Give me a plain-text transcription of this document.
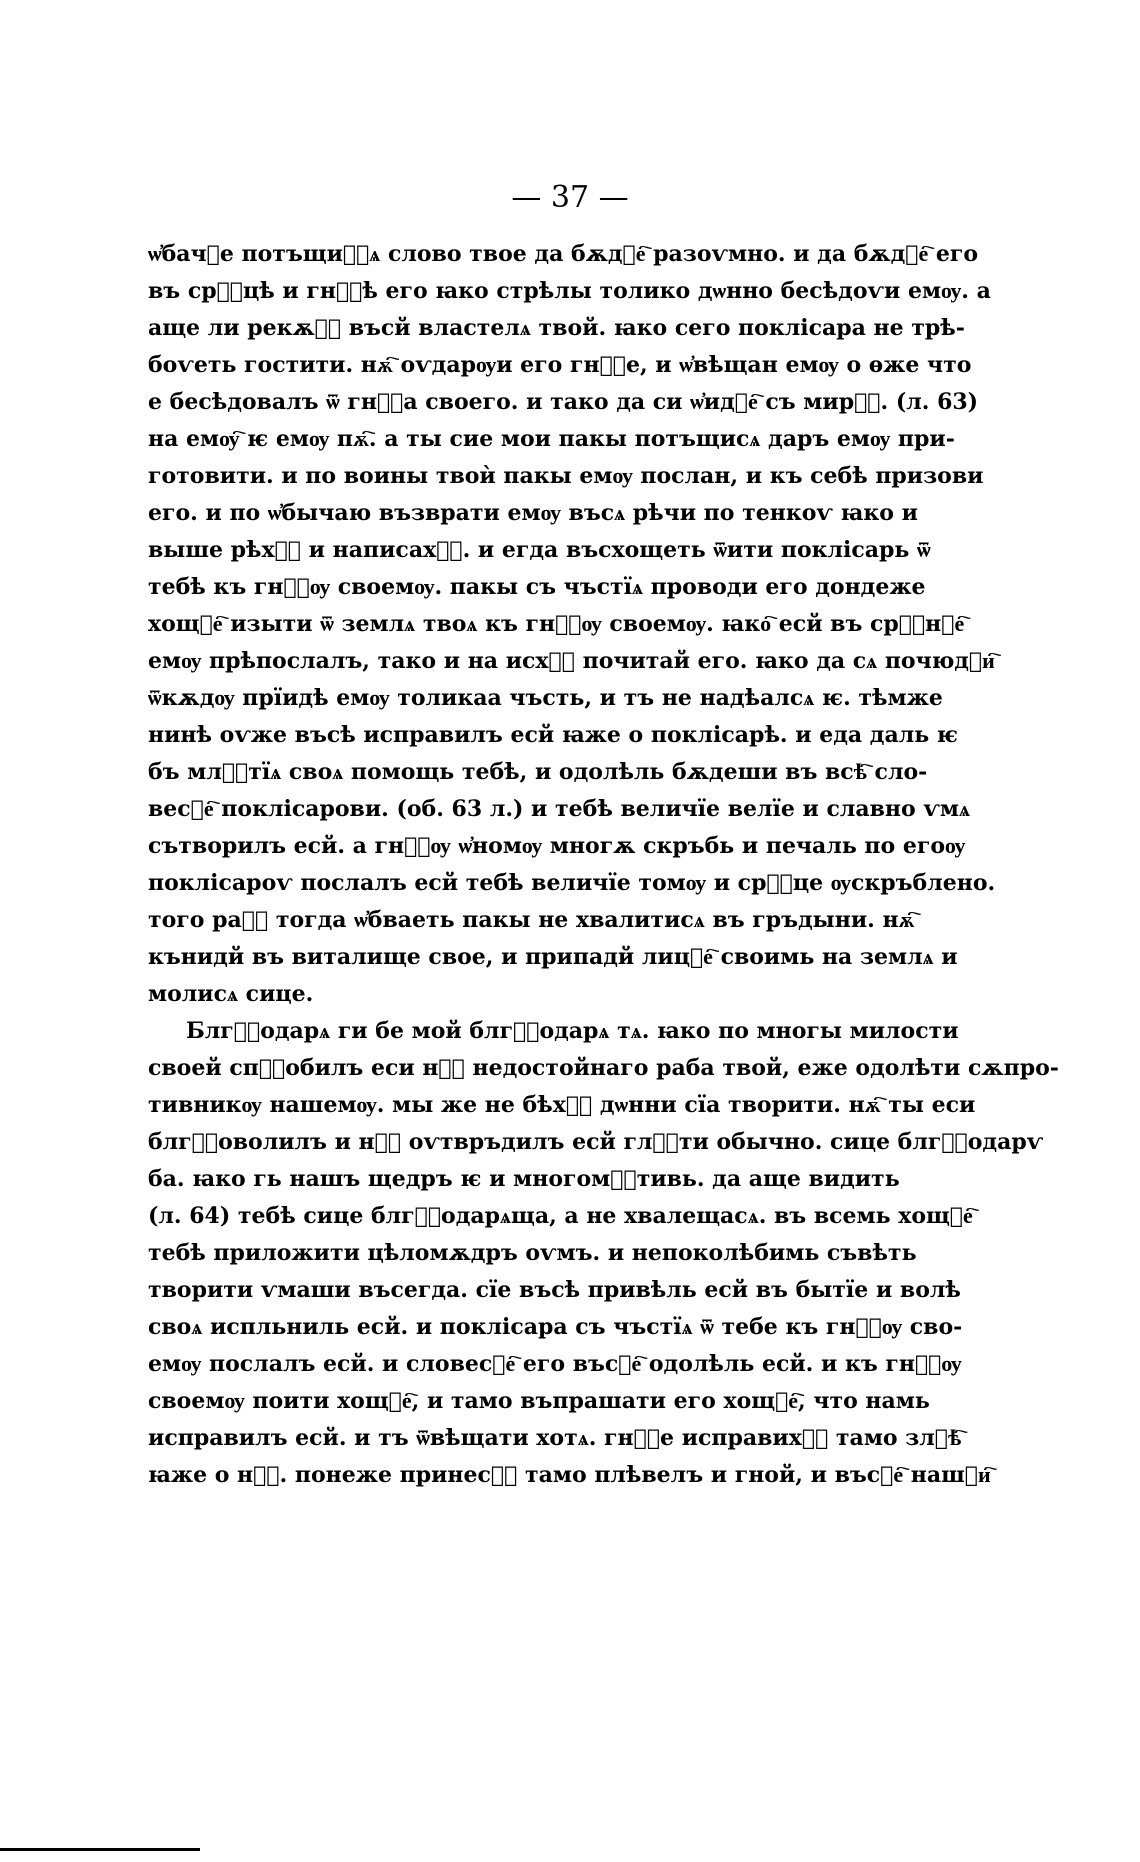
— 37 —
ѡ҆бачⷺе потъщиⷭ҇ѧ слово твое да бѫдⷮе҇ разоѵмно. и да бѫдⷮе҇ его
въ срⷭ҇цѣ и гнⷭ҇ѣ его ꙗко стрѣлы толико дѡнно бесѣдоѵи емѹ. а
аще ли рекѫⷮ҇ въсй властелѧ твой. ꙗко сего поклісара не трѣ-
боѵеть гостити. нѫ҇ оѵдарѹи его гнⷭ҇е, и ѡ҆вѣщан емѹ о ѳже что
е бесѣдовалъ ѿ гнⷭ҇а своего. и тако да си ѡ҆идⷮе҇ съ мирⷪ҇. (л. 63)
на емѹ҇ ѥ емѹ пѫ҇. а ты сие мои пакы потъщисѧ даръ емѹ при-
готовити. и по воины твоѝ пакы емѹ послан, и къ себѣ призови
его. и по ѡ҆бычаю възврати емѹ въсѧ рѣчи по тенкоѵ ꙗко и
выше рѣхⷪ҇ и написахⷪ҇. и егда въсхощеть ѿити поклісарь ѿ
тебѣ къ гнⷭ҇ѹ своемѹ. пакы съ чъстїѧ проводи его дондеже
хощⷮе҇ изыти ѿ землѧ твоѧ къ гнⷭ҇ѹ своемѹ. ꙗко҇ есй въ срⷭ҇нⷮе҇
емѹ прѣпослалъ, тако и на исхⷪ҇ почитай его. ꙗко да сѧ почюдⷮи҇
ѿкѫдѹ прїидѣ емѹ толикаа чъсть, и тъ не надѣалсѧ ѥ. тѣмже
нинѣ оѵже въсѣ исправилъ есй ꙗже о поклісарѣ. и еда даль ѥ
бъ млⷭ҇тїѧ своѧ помощь тебѣ, и одолѣль бѫдеши въ всѣ҇ сло-
весⷮе҇ поклісарови. (об. 63 л.) и тебѣ величїе велїе и славно ѵмѧ
сътворилъ есй. а гнⷭ҇ѹ ѡ҆номѹ многѫ скръбь и печаль по егоѹ
поклісароѵ послалъ есй тебѣ величїе томѹ и срⷭ҇це ѹскръблено.
того раⷣ҇ тогда ѡ҆бваеть пакы не хвалитисѧ въ гръдыни. нѫ҇
кънидй въ виталище свое, и припадй лицⷮе҇ своимь на землѧ и
молисѧ сице.
Блгⷭ҇одарѧ ги бе мой блгⷭ҇одарѧ тѧ. ꙗко по многы милости
своей спⷭ҇обилъ еси нⷶ҇ недостойнаго раба твой, еже одолѣти сѫпро-
тивникѹ нашемѹ. мы же не бѣхⷪ҇ дѡнни сїа творити. нѫ҇ ты еси
блгⷭ҇оволилъ и нⷶ҇ оѵтвръдилъ есй глⷶ҇ти обычно. сице блгⷭ҇одарѵ
ба. ꙗко гь нашъ щедръ ѥ и многомⷭ҇тивь. да аще видить
(л. 64) тебѣ сице блгⷭ҇одарѧща, а не хвалещасѧ. въ всемь хощⷮе҇
тебѣ приложити цѣломѫдръ оѵмъ. и непоколѣбимь съвѣть
творити ѵмаши въсегда. сїе въсѣ привѣль есй въ бытїе и волѣ
своѧ испльниль есй. и поклісара съ чъстїѧ ѿ тебе къ гнⷭ҇ѹ сво-
емѹ послалъ есй. и словесⷮе҇ его въсⷮе҇ одолѣль есй. и къ гнⷭ҇ѹ
своемѹ поити хощⷮе҇, и тамо въпрашати его хощⷮе҇, что намь
исправилъ есй. и тъ ѿвѣщати хотѧ. гнⷭ҇е исправихⷪ҇ тамо злⷮѣ҇
ꙗже о нⷶ҇. понеже принесⷪ҇ тамо плѣвелъ и гной, и въсⷮе҇ нашⷮи҇
